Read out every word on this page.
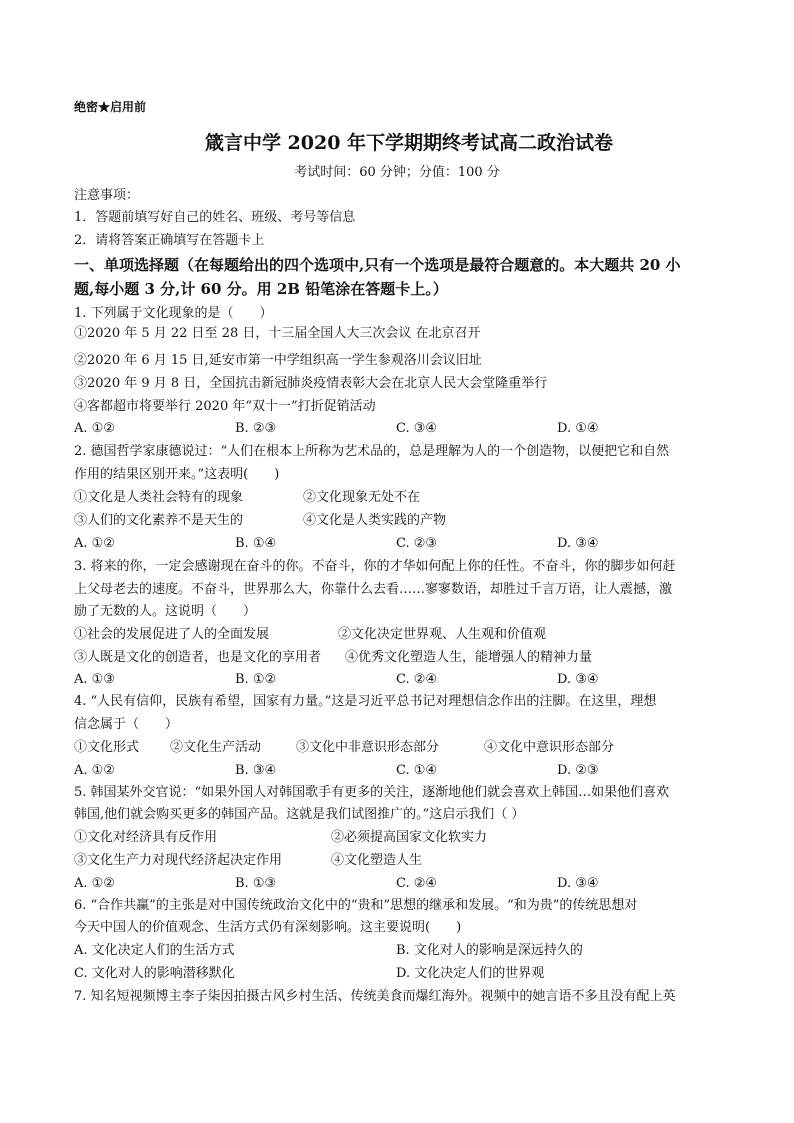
绝密★启用前
箴言中学 2020 年下学期期终考试高二政治试卷
考试时间：60 分钟；分值：100 分
注意事项：
1．答题前填写好自己的姓名、班级、考号等信息
2．请将答案正确填写在答题卡上
一、单项选择题（在每题给出的四个选项中,只有一个选项是最符合题意的。本大题共 20 小
题,每小题 3 分,计 60 分。用 2B 铅笔涂在答题卡上。）
1. 下列属于文化现象的是（　　）
①2020 年 5 月 22 日至 28 日，十三届全国人大三次会议 在北京召开
②2020 年 6 月 15 日,延安市第一中学组织高一学生参观洛川会议旧址
③2020 年 9 月 8 日，全国抗击新冠肺炎疫情表彰大会在北京人民大会堂隆重举行
④客都超市将要举行 2020 年“双十一”打折促销活动
A. ①②	B. ②③	C. ③④	D. ①④
2. 德国哲学家康德说过：“人们在根本上所称为艺术品的，总是理解为人的一个创造物，以便把它和自然
作用的结果区别开来。”这表明(　　)
①文化是人类社会特有的现象	②文化现象无处不在
③人们的文化素养不是天生的	④文化是人类实践的产物
A. ①②	B. ①④	C. ②③	D. ③④
3. 将来的你，一定会感谢现在奋斗的你。不奋斗，你的才华如何配上你的任性。不奋斗，你的脚步如何赶
上父母老去的速度。不奋斗，世界那么大，你靠什么去看……寥寥数语，却胜过千言万语，让人震撼，激
励了无数的人。这说明（　　）
①社会的发展促进了人的全面发展	②文化决定世界观、人生观和价值观
③人既是文化的创造者，也是文化的享用者 ④优秀文化塑造人生，能增强人的精神力量
A. ①③	B. ①②	C. ②④	D. ③④
4. “人民有信仰，民族有希望，国家有力量。”这是习近平总书记对理想信念作出的注脚。在这里，理想
信念属于（　　）
①文化形式 ②文化生产活动	③文化中非意识形态部分	④文化中意识形态部分
A. ①②	B. ③④	C. ①④	D. ②③
5. 韩国某外交官说：“如果外国人对韩国歌手有更多的关注，逐渐地他们就会喜欢上韩国…如果他们喜欢
韩国,他们就会购买更多的韩国产品。这就是我们试图推广的。”这启示我们（ ）
①文化对经济具有反作用	②必须提高国家文化软实力
③文化生产力对现代经济起决定作用	④文化塑造人生
A. ①②	B. ①③	C. ②④	D. ③④
6. “合作共赢”的主张是对中国传统政治文化中的“贵和”思想的继承和发展。“和为贵”的传统思想对
今天中国人的价值观念、生活方式仍有深刻影响。这主要说明(　　)
A. 文化决定人们的生活方式	B. 文化对人的影响是深远持久的
C. 文化对人的影响潜移默化	D. 文化决定人们的世界观
7. 知名短视频博主李子柒因拍摄古风乡村生活、传统美食而爆红海外。视频中的她言语不多且没有配上英
